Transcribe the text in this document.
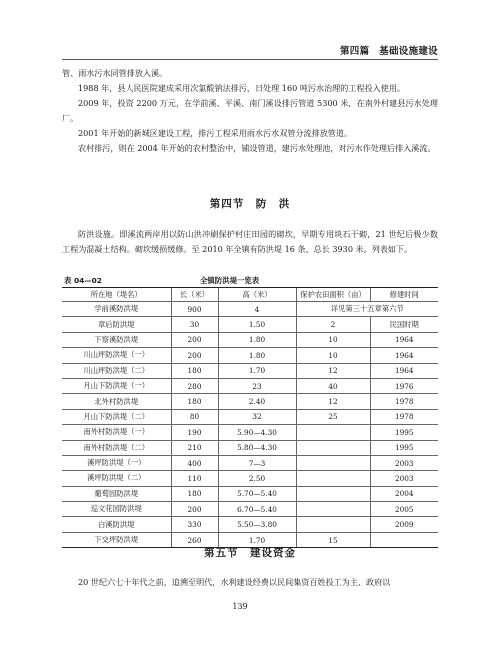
第四篇　基础设施建设

管、雨水污水同管排放入溪。

1988 年，县人民医院建成采用次氯酸钠法排污，日处理 160 吨污水治理的工程投入使用。

2009 年，投资 2200 万元，在学前溪、平溪、南门溪设排污管道 5300 米，在南外村建县污水处理厂。

2001 年开始的新城区建设工程，排污工程采用雨水污水双管分流排放管道。

农村排污，则在 2004 年开始的农村整治中，铺设管道，建污水处理池，对污水作处理后排入溪流。

第四节　防　洪

防洪设施。即溪流两岸用以防山洪冲刷保护村庄田园的砌坎，早期专用块石干砌，21 世纪后极少数工程为混凝土结构。砌坎缓损缓修。至 2010 年全镇有防洪堤 16 条、总长 3930 米。列表如下。

表 04—02	全镇防洪堤一览表
所在地（堤名）	长（米）	高（米）	保护农田面积（亩）	修建时间
学前溪防洪堤	900	4	详见第三十五章第六节	
章后防洪堤	30	1.50	2	民国时期
下察溪防洪堤	200	1.80	10	1964
川山坪防洪堤（一）	200	1.80	10	1964
川山坪防洪堤（二）	180	1.70	12	1964
月山下防洪堤（一）	280	23	40	1976
北外村防洪堤	180	2.40	12	1978
月山下防洪堤（二）	80	32	25	1978
南外村防洪堤（一）	190	5.90—4.30		1995
南外村防洪堤（二）	210	5.80—4.30		1995
溪坪防洪堤（一）	400	7—3		2003
溪坪防洪堤（二）	110	2.50		2003
葡萄园防洪堤	180	5.70—5.40		2004
巡文花园防洪堤	200	6.70—5.40		2005
白溪防洪堤	330	5.50—3.80		2009
下交坪防洪堤	260	1.70	15	
第五节　建设资金

20 世纪六七十年代之前，追溯至明代，水利建设经费以民间集资百姓投工为主、政府以

139
